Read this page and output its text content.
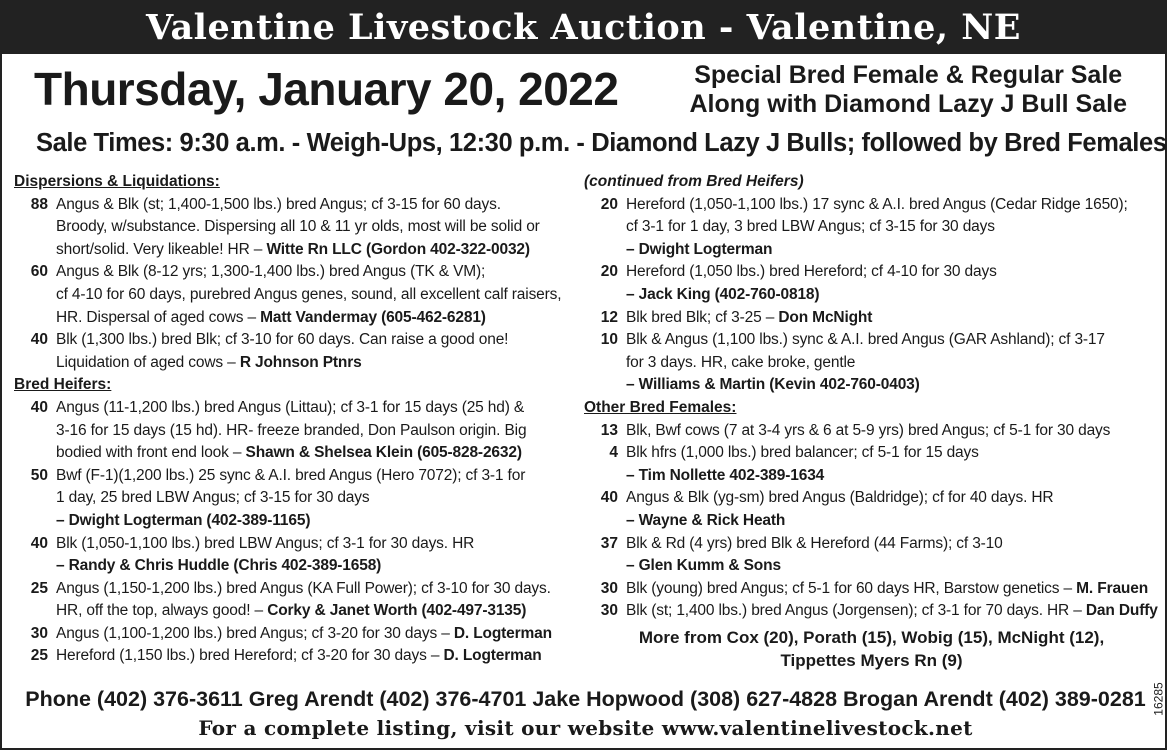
Valentine Livestock Auction - Valentine, NE
Thursday, January 20, 2022	Special Bred Female & Regular Sale
Along with Diamond Lazy J Bull Sale
Sale Times: 9:30 a.m. - Weigh-Ups, 12:30 p.m. - Diamond Lazy J Bulls; followed by Bred Females
Dispersions & Liquidations:
88 Angus & Blk (st; 1,400-1,500 lbs.) bred Angus; cf 3-15 for 60 days.
Broody, w/substance. Dispersing all 10 & 11 yr olds, most will be solid or
short/solid. Very likeable! HR – Witte Rn LLC (Gordon 402-322-0032)
60 Angus & Blk (8-12 yrs; 1,300-1,400 lbs.) bred Angus (TK & VM);
cf 4-10 for 60 days, purebred Angus genes, sound, all excellent calf raisers,
HR. Dispersal of aged cows – Matt Vandermay (605-462-6281)
40 Blk (1,300 lbs.) bred Blk; cf 3-10 for 60 days. Can raise a good one!
Liquidation of aged cows – R Johnson Ptnrs
Bred Heifers:
40 Angus (11-1,200 lbs.) bred Angus (Littau); cf 3-1 for 15 days (25 hd) &
3-16 for 15 days (15 hd). HR- freeze branded, Don Paulson origin. Big
bodied with front end look – Shawn & Shelsea Klein (605-828-2632)
50 Bwf (F-1)(1,200 lbs.) 25 sync & A.I. bred Angus (Hero 7072); cf 3-1 for
1 day, 25 bred LBW Angus; cf 3-15 for 30 days
– Dwight Logterman (402-389-1165)
40 Blk (1,050-1,100 lbs.) bred LBW Angus; cf 3-1 for 30 days. HR
– Randy & Chris Huddle (Chris 402-389-1658)
25 Angus (1,150-1,200 lbs.) bred Angus (KA Full Power); cf 3-10 for 30 days.
HR, off the top, always good! – Corky & Janet Worth (402-497-3135)
30 Angus (1,100-1,200 lbs.) bred Angus; cf 3-20 for 30 days – D. Logterman
25 Hereford (1,150 lbs.) bred Hereford; cf 3-20 for 30 days – D. Logterman
(continued from Bred Heifers)
20 Hereford (1,050-1,100 lbs.) 17 sync & A.I. bred Angus (Cedar Ridge 1650);
cf 3-1 for 1 day, 3 bred LBW Angus; cf 3-15 for 30 days
– Dwight Logterman
20 Hereford (1,050 lbs.) bred Hereford; cf 4-10 for 30 days
– Jack King (402-760-0818)
12 Blk bred Blk; cf 3-25 – Don McNight
10 Blk & Angus (1,100 lbs.) sync & A.I. bred Angus (GAR Ashland); cf 3-17
for 3 days. HR, cake broke, gentle
– Williams & Martin (Kevin 402-760-0403)
Other Bred Females:
13 Blk, Bwf cows (7 at 3-4 yrs & 6 at 5-9 yrs) bred Angus; cf 5-1 for 30 days
4 Blk hfrs (1,000 lbs.) bred balancer; cf 5-1 for 15 days
– Tim Nollette 402-389-1634
40 Angus & Blk (yg-sm) bred Angus (Baldridge); cf for 40 days. HR
– Wayne & Rick Heath
37 Blk & Rd (4 yrs) bred Blk & Hereford (44 Farms); cf 3-10
– Glen Kumm & Sons
30 Blk (young) bred Angus; cf 5-1 for 60 days HR, Barstow genetics – M. Frauen
30 Blk (st; 1,400 lbs.) bred Angus (Jorgensen); cf 3-1 for 70 days. HR – Dan Duffy
More from Cox (20), Porath (15), Wobig (15), McNight (12),
Tippettes Myers Rn (9)
Phone (402) 376-3611 Greg Arendt (402) 376-4701 Jake Hopwood (308) 627-4828 Brogan Arendt (402) 389-0281
For a complete listing, visit our website www.valentinelivestock.net
16285
